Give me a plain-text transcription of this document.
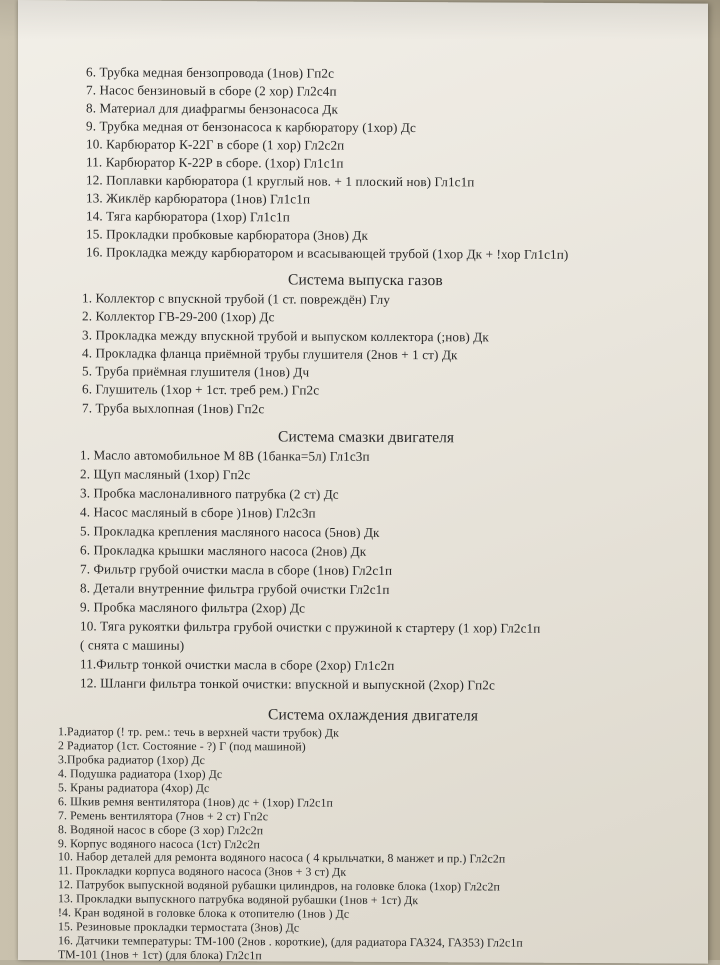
6. Трубка медная бензопровода (1нов) Гп2с
7. Насос бензиновый в сборе (2 хор) Гл2с4п
8. Материал для диафрагмы бензонасоса Дк
9. Трубка медная от бензонасоса к карбюратору (1хор) Дс
10. Карбюратор К-22Г в сборе (1 хор) Гл2с2п
11. Карбюратор К-22Р в сборе. (1хор) Гл1с1п
12. Поплавки карбюратора (1 круглый нов. + 1 плоский нов) Гл1с1п
13. Жиклёр карбюратора (1нов) Гл1с1п
14. Тяга карбюратора (1хор) Гл1с1п
15. Прокладки пробковые карбюратора (3нов) Дк
16. Прокладка между карбюратором и всасывающей трубой (1хор Дк + !хор Гл1с1п)
Система выпуска газов
1. Коллектор с впускной трубой (1 ст. повреждён) Глу
2. Коллектор ГВ-29-200 (1хор) Дс
3. Прокладка между впускной трубой и выпуском коллектора (;нов) Дк
4. Прокладка фланца приёмной трубы глушителя (2нов + 1 ст) Дк
5. Труба приёмная глушителя (1нов) Дч
6. Глушитель (1хор + 1ст. треб рем.) Гп2с
7. Труба выхлопная (1нов) Гп2с
Система смазки двигателя
1. Масло автомобильное М 8В (1банка=5л) Гл1с3п
2. Щуп масляный (1хор) Гп2с
3. Пробка маслоналивного патрубка (2 ст) Дс
4. Насос масляный в сборе )1нов) Гл2с3п
5. Прокладка крепления масляного насоса (5нов) Дк
6. Прокладка крышки масляного насоса (2нов) Дк
7. Фильтр грубой очистки масла в сборе (1нов) Гл2с1п
8. Детали внутренние фильтра грубой очистки Гл2с1п
9. Пробка масляного фильтра (2хор) Дс
10. Тяга рукоятки фильтра грубой очистки с пружиной к стартеру (1 хор) Гл2с1п
( снята с машины)
11.Фильтр тонкой очистки масла в сборе (2хор) Гл1с2п
12. Шланги фильтра тонкой очистки: впускной и выпускной (2хор) Гп2с
Система охлаждения двигателя
1.Радиатор (! тр. рем.: течь в верхней части трубок) Дк
2 Радиатор (1ст. Состояние - ?) Г (под машиной)
3.Пробка радиатор (1хор) Дс
4. Подушка радиатора (1хор) Дс
5. Краны радиатора (4хор) Дс
6. Шкив ремня вентилятора (1нов) дс + (1хор) Гл2с1п
7. Ремень вентилятора (7нов + 2 ст) Гп2с
8. Водяной насос в сборе (3 хор) Гл2с2п
9. Корпус водяного насоса (1ст) Гл2с2п
10. Набор деталей для ремонта водяного насоса ( 4 крыльчатки, 8 манжет и пр.) Гл2с2п
11. Прокладки корпуса водяного насоса (3нов + 3 ст) Дк
12. Патрубок выпускной водяной рубашки цилиндров, на головке блока (1хор) Гл2с2п
13. Прокладки выпускного патрубка водяной рубашки (1нов + 1ст) Дк
!4. Кран водяной в головке блока к отопителю (1нов ) Дс
15. Резиновые прокладки термостата (3нов) Дс
16. Датчики температуры: ТМ-100 (2нов . короткие), (для радиатора ГАЗ24, ГАЗ53) Гл2с1п
ТМ-101 (1нов + 1ст) (для блока) Гл2с1п
